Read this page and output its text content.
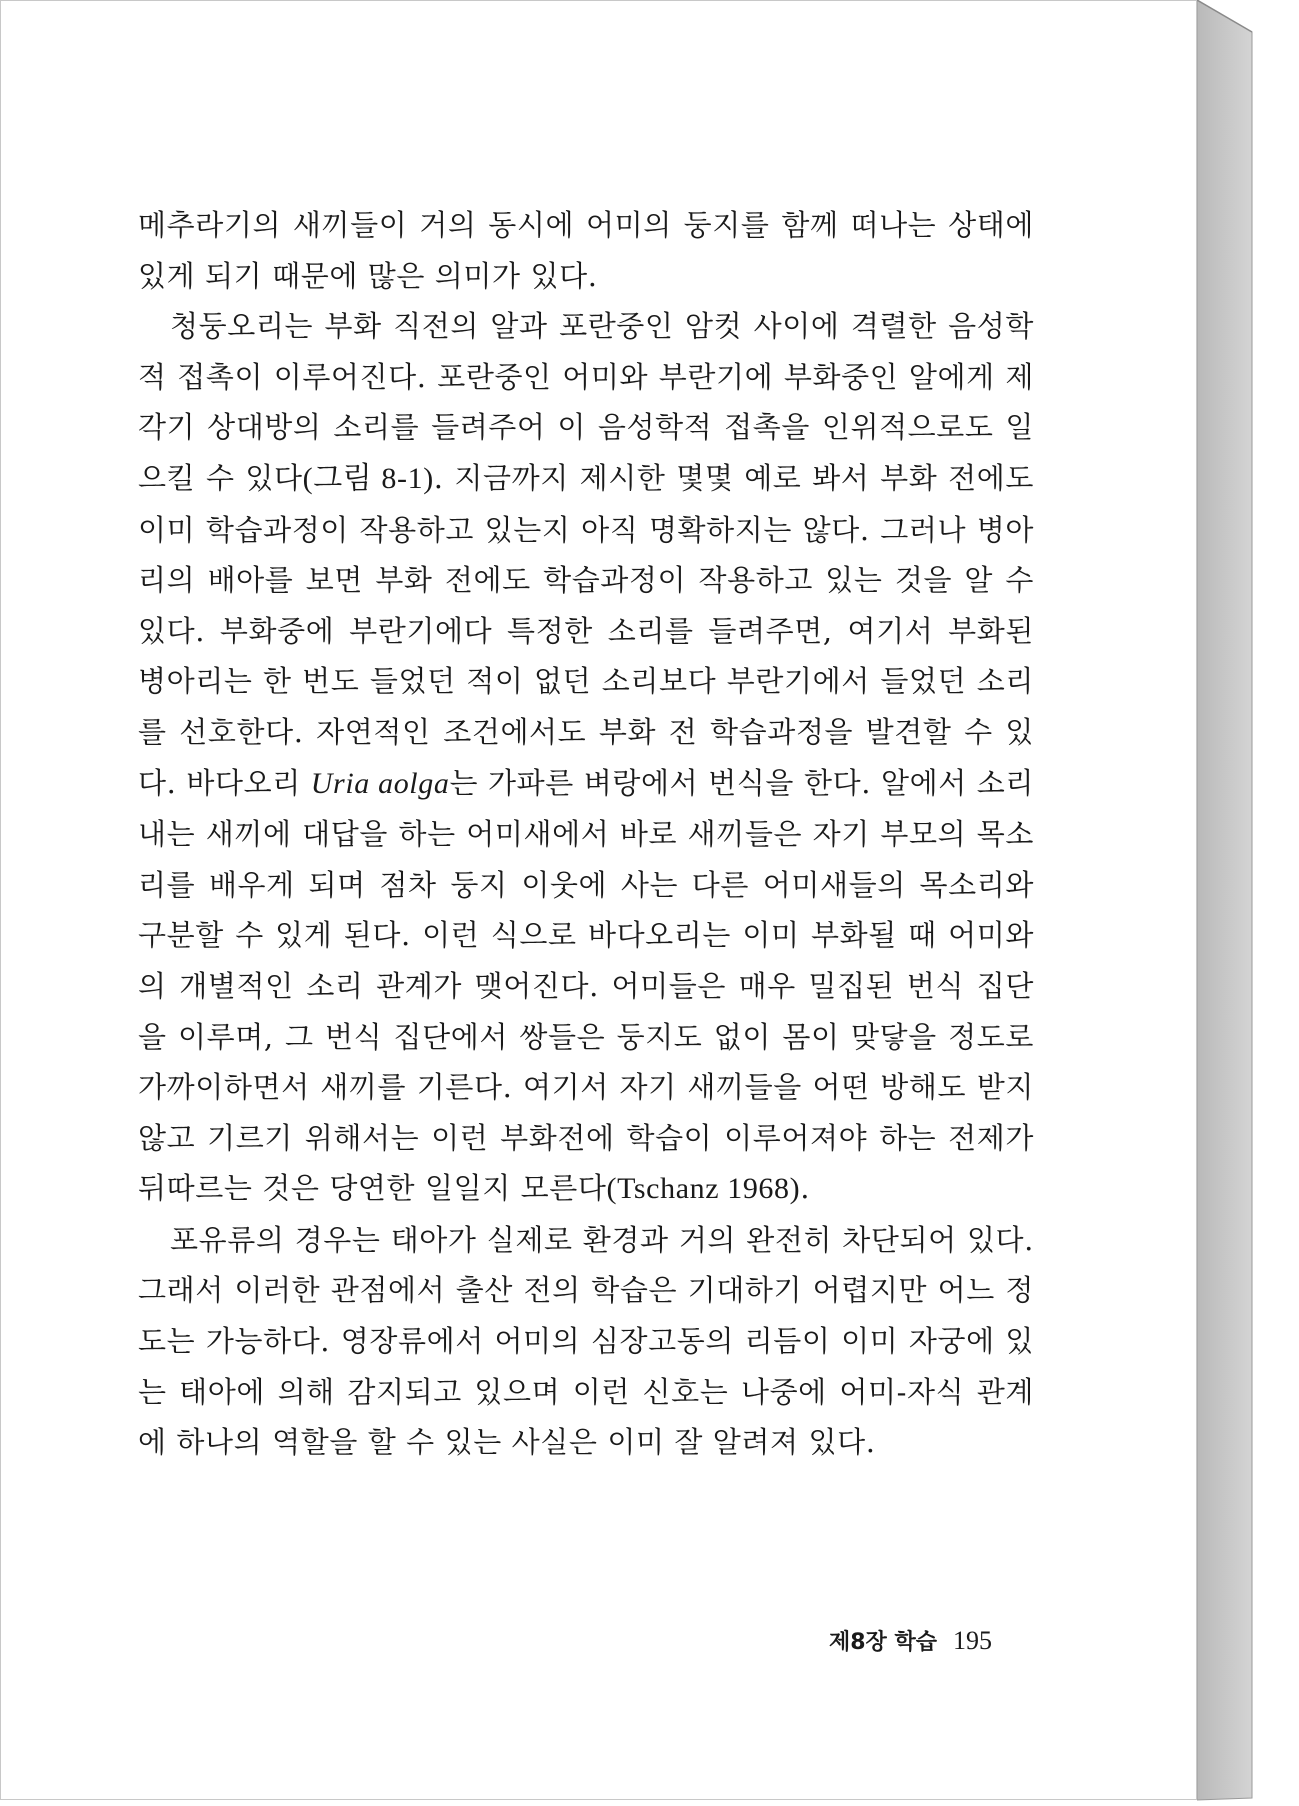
메추라기의 새끼들이 거의 동시에 어미의 둥지를 함께 떠나는 상태에 있게 되기 때문에 많은 의미가 있다.

청둥오리는 부화 직전의 알과 포란중인 암컷 사이에 격렬한 음성학적 접촉이 이루어진다. 포란중인 어미와 부란기에 부화중인 알에게 제각기 상대방의 소리를 들려주어 이 음성학적 접촉을 인위적으로도 일으킬 수 있다(그림 8-1). 지금까지 제시한 몇몇 예로 봐서 부화 전에도 이미 학습과정이 작용하고 있는지 아직 명확하지는 않다. 그러나 병아리의 배아를 보면 부화 전에도 학습과정이 작용하고 있는 것을 알 수 있다. 부화중에 부란기에다 특정한 소리를 들려주면, 여기서 부화된 병아리는 한 번도 들었던 적이 없던 소리보다 부란기에서 들었던 소리를 선호한다. 자연적인 조건에서도 부화 전 학습과정을 발견할 수 있다. 바다오리 Uria aolga는 가파른 벼랑에서 번식을 한다. 알에서 소리 내는 새끼에 대답을 하는 어미새에서 바로 새끼들은 자기 부모의 목소리를 배우게 되며 점차 둥지 이웃에 사는 다른 어미새들의 목소리와 구분할 수 있게 된다. 이런 식으로 바다오리는 이미 부화될 때 어미와의 개별적인 소리 관계가 맺어진다. 어미들은 매우 밀집된 번식 집단을 이루며, 그 번식 집단에서 쌍들은 둥지도 없이 몸이 맞닿을 정도로 가까이하면서 새끼를 기른다. 여기서 자기 새끼들을 어떤 방해도 받지 않고 기르기 위해서는 이런 부화전에 학습이 이루어져야 하는 전제가 뒤따르는 것은 당연한 일일지 모른다(Tschanz 1968).

포유류의 경우는 태아가 실제로 환경과 거의 완전히 차단되어 있다. 그래서 이러한 관점에서 출산 전의 학습은 기대하기 어렵지만 어느 정도는 가능하다. 영장류에서 어미의 심장고동의 리듬이 이미 자궁에 있는 태아에 의해 감지되고 있으며 이런 신호는 나중에 어미-자식 관계에 하나의 역할을 할 수 있는 사실은 이미 잘 알려져 있다.

제8장 학습 195
